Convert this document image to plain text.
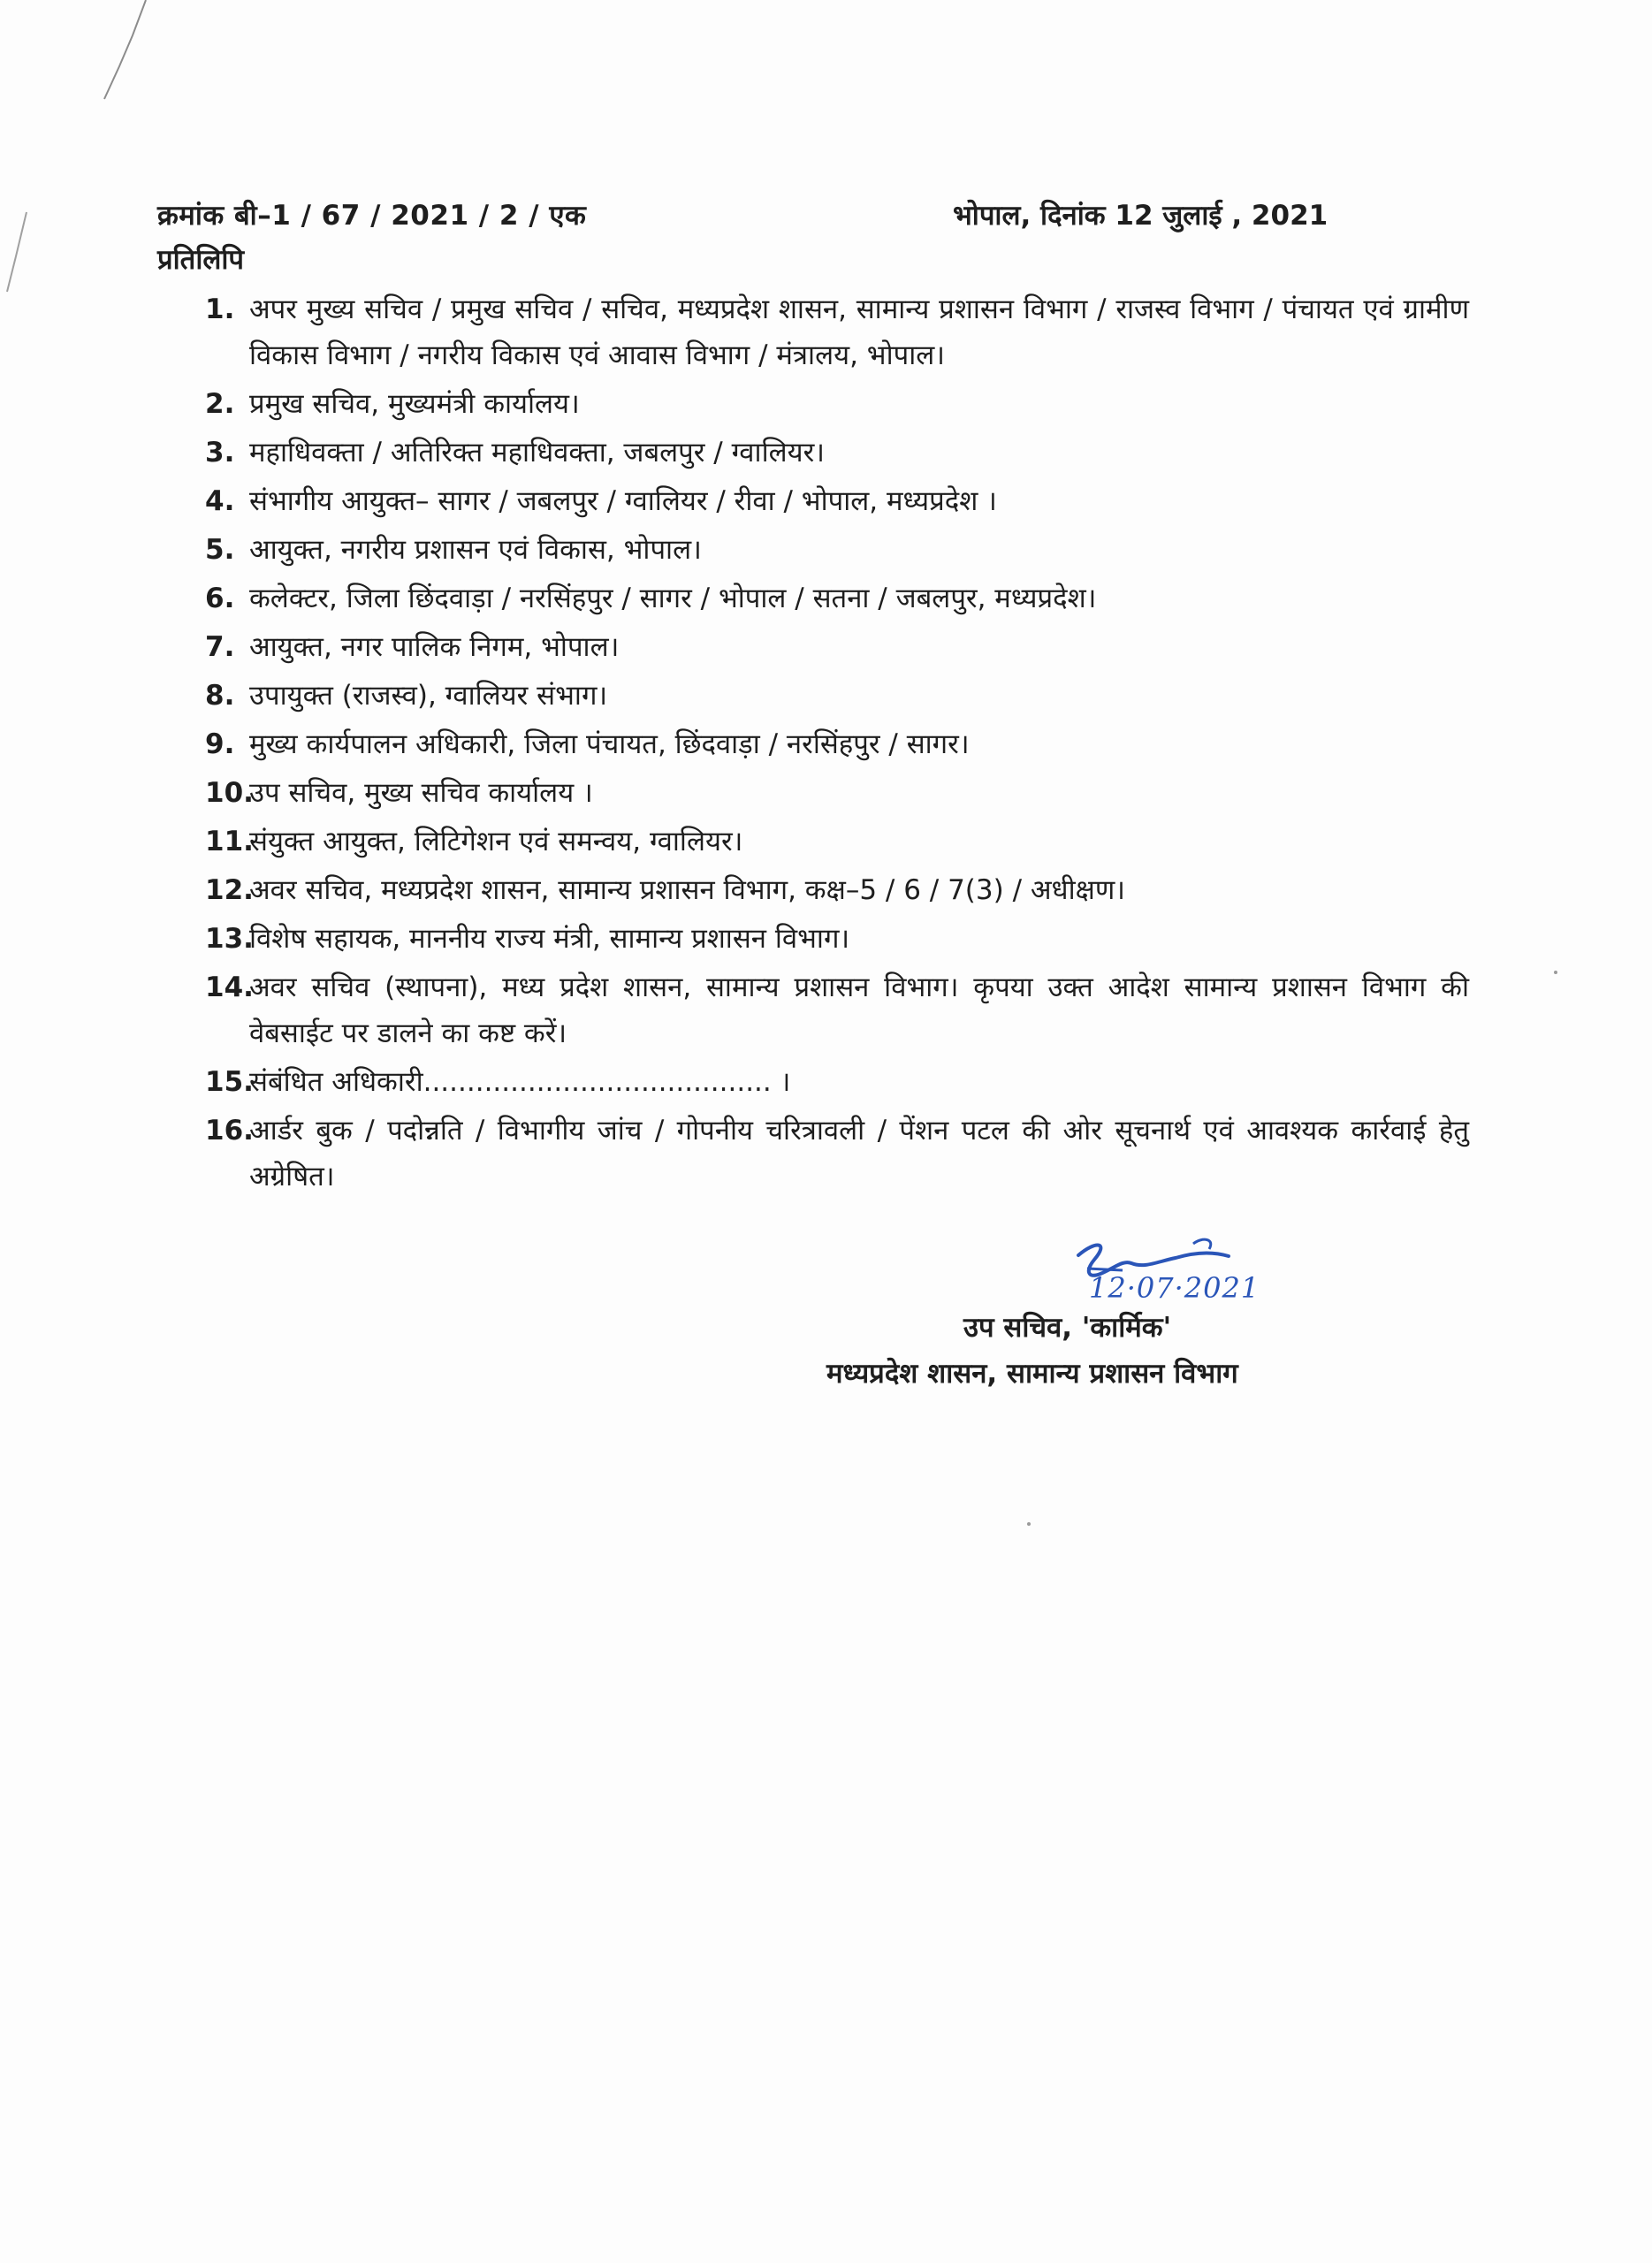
क्रमांक बी–1 / 67 / 2021 / 2 / एक	भोपाल, दिनांक 12 जुलाई , 2021
प्रतिलिपि
1. अपर मुख्य सचिव / प्रमुख सचिव / सचिव, मध्यप्रदेश शासन, सामान्य प्रशासन विभाग / राजस्व विभाग / पंचायत एवं ग्रामीण विकास विभाग / नगरीय विकास एवं आवास विभाग / मंत्रालय, भोपाल।
2. प्रमुख सचिव, मुख्यमंत्री कार्यालय।
3. महाधिवक्ता / अतिरिक्त महाधिवक्ता, जबलपुर / ग्वालियर।
4. संभागीय आयुक्त– सागर / जबलपुर / ग्वालियर / रीवा / भोपाल, मध्यप्रदेश ।
5. आयुक्त, नगरीय प्रशासन एवं विकास, भोपाल।
6. कलेक्टर, जिला छिंदवाड़ा / नरसिंहपुर / सागर / भोपाल / सतना / जबलपुर, मध्यप्रदेश।
7. आयुक्त, नगर पालिक निगम, भोपाल।
8. उपायुक्त (राजस्व), ग्वालियर संभाग।
9. मुख्य कार्यपालन अधिकारी, जिला पंचायत, छिंदवाड़ा / नरसिंहपुर / सागर।
10.
उप सचिव, मुख्य सचिव कार्यालय ।
11.
संयुक्त आयुक्त, लिटिगेशन एवं समन्वय, ग्वालियर।
12.
अवर सचिव, मध्यप्रदेश शासन, सामान्य प्रशासन विभाग, कक्ष–5 / 6 / 7(3) / अधीक्षण।
13.
विशेष सहायक, माननीय राज्य मंत्री, सामान्य प्रशासन विभाग।
14.
अवर सचिव (स्थापना), मध्य प्रदेश शासन, सामान्य प्रशासन विभाग। कृपया उक्त आदेश सामान्य प्रशासन विभाग की वेबसाईट पर डालने का कष्ट करें।
15.
संबंधित अधिकारी........................................ ।
16.
आर्डर बुक / पदोन्नति / विभागीय जांच / गोपनीय चरित्रावली / पेंशन पटल की ओर सूचनार्थ एवं आवश्यक कार्रवाई हेतु अग्रेषित।
12·07·2021
उप सचिव, 'कार्मिक'
मध्यप्रदेश शासन, सामान्य प्रशासन विभाग
